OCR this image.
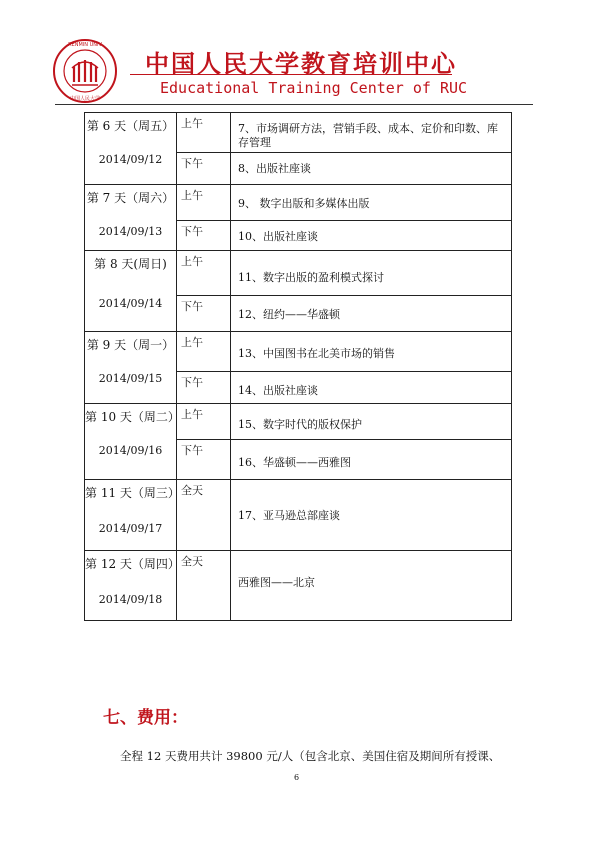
RENMIN UNIV
中国人民大学
中国人民大学教育培训中心
Educational Training Center of RUC
第 6 天（周五）
2014/09/12	上午	7、市场调研方法，营销手段、成本、定价和印数、库存管理
	下午	8、出版社座谈

第 7 天（周六）
2014/09/13	上午	9、 数字出版和多媒体出版
	下午	10、出版社座谈

第 8 天(周日)
2014/09/14	上午	11、数字出版的盈利模式探讨
	下午	12、纽约——华盛顿

第 9 天（周一）
2014/09/15	上午	13、中国图书在北美市场的销售
	下午	14、出版社座谈

第 10 天（周二）
2014/09/16	上午	15、数字时代的版权保护
	下午	16、华盛顿——西雅图

第 11 天（周三）
2014/09/17	全天	17、亚马逊总部座谈

第 12 天（周四）
2014/09/18	全天	西雅图——北京
七、费用：
全程 12 天费用共计 39800 元/人（包含北京、美国住宿及期间所有授课、
6
